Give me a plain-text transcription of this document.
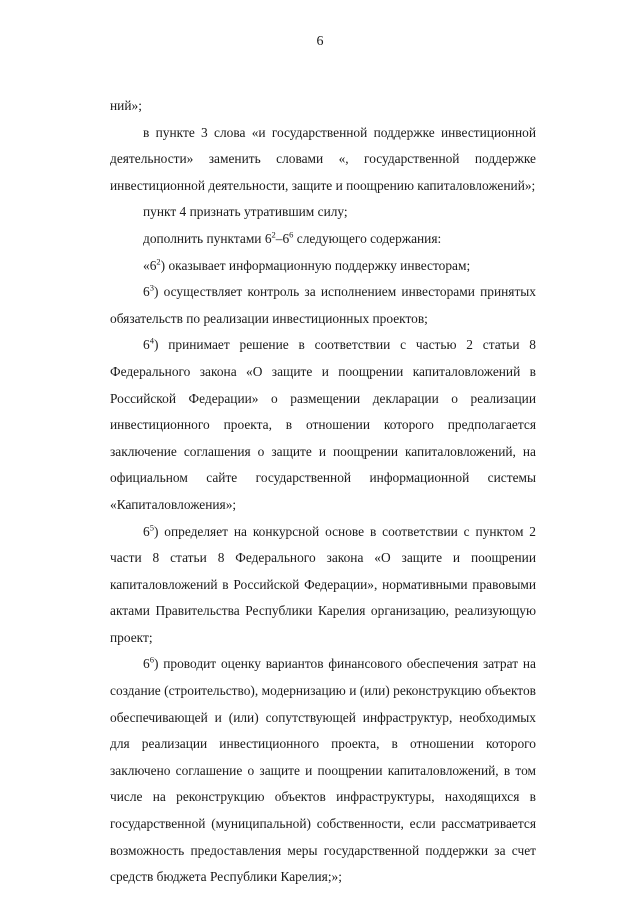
6

ний»;

в пункте 3 слова «и государственной поддержке инвестиционной деятельности» заменить словами «, государственной поддержке инвестиционной деятельности, защите и поощрению капиталовложений»;

пункт 4 признать утратившим силу;

дополнить пунктами $6^2-6^6$ следующего содержания:

«$6^2$) оказывает информационную поддержку инвесторам;

$6^3$) осуществляет контроль за исполнением инвесторами принятых обязательств по реализации инвестиционных проектов;

$6^4$) принимает решение в соответствии с частью 2 статьи 8 Федерального закона «О защите и поощрении капиталовложений в Российской Федерации» о размещении декларации о реализации инвестиционного проекта, в отношении которого предполагается заключение соглашения о защите и поощрении капиталовложений, на официальном сайте государственной информационной системы «Капиталовложения»;

$6^5$) определяет на конкурсной основе в соответствии с пунктом 2 части 8 статьи 8 Федерального закона «О защите и поощрении капиталовложений в Российской Федерации», нормативными правовыми актами Правительства Республики Карелия организацию, реализующую проект;

$6^6$) проводит оценку вариантов финансового обеспечения затрат на создание (строительство), модернизацию и (или) реконструкцию объектов обеспечивающей и (или) сопутствующей инфраструктур, необходимых для реализации инвестиционного проекта, в отношении которого заключено соглашение о защите и поощрении капиталовложений, в том числе на реконструкцию объектов инфраструктуры, находящихся в государственной (муниципальной) собственности, если рассматривается возможность предоставления меры государственной поддержки за счет средств бюджета Республики Карелия;»;
